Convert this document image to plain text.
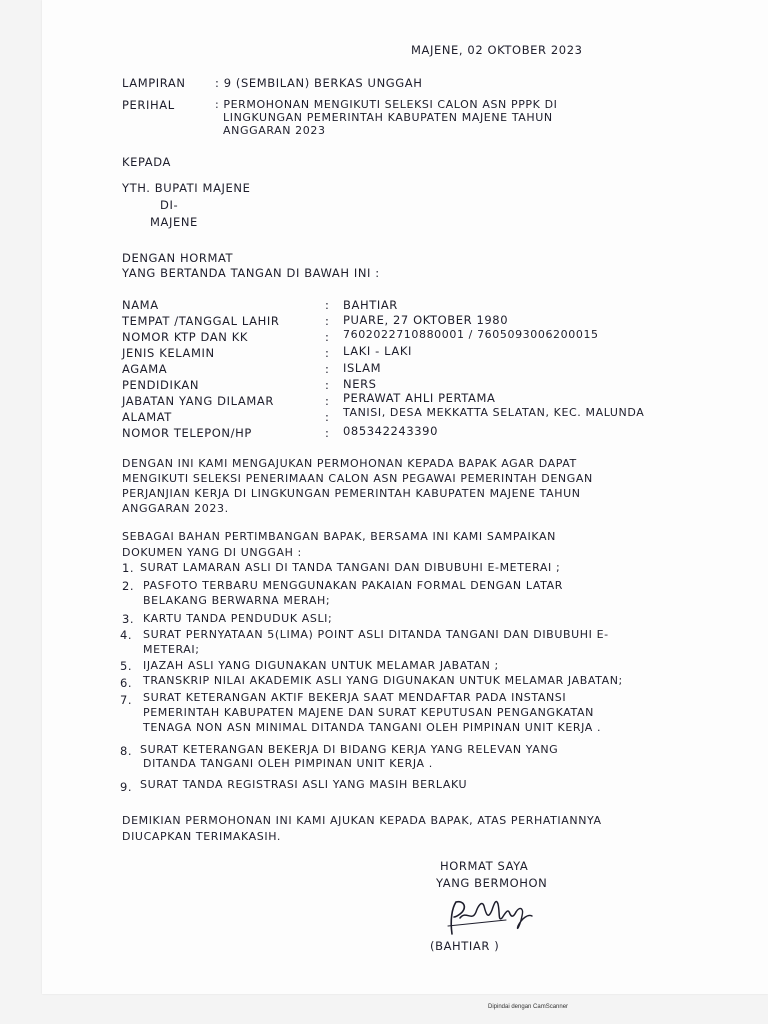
MAJENE, 02 OKTOBER 2023
LAMPIRAN	: 9 (SEMBILAN) BERKAS UNGGAH
PERIHAL	: PERMOHONAN MENGIKUTI SELEKSI CALON ASN PPPK DI
LINGKUNGAN PEMERINTAH KABUPATEN MAJENE TAHUN
ANGGARAN 2023
KEPADA
YTH. BUPATI MAJENE
DI-
MAJENE
DENGAN HORMAT
YANG BERTANDA TANGAN DI BAWAH INI :
NAMA	: BAHTIAR
TEMPAT /TANGGAL LAHIR	: PUARE, 27 OKTOBER 1980
NOMOR KTP DAN KK	: 7602022710880001 / 7605093006200015
JENIS KELAMIN	: LAKI - LAKI
AGAMA	: ISLAM
PENDIDIKAN	: NERS
JABATAN YANG DILAMAR	: PERAWAT AHLI PERTAMA
ALAMAT	: TANISI, DESA MEKKATTA SELATAN, KEC. MALUNDA
NOMOR TELEPON/HP	: 085342243390
DENGAN INI KAMI MENGAJUKAN PERMOHONAN KEPADA BAPAK AGAR DAPAT
MENGIKUTI SELEKSI PENERIMAAN CALON ASN PEGAWAI PEMERINTAH DENGAN
PERJANJIAN KERJA DI LINGKUNGAN PEMERINTAH KABUPATEN MAJENE TAHUN
ANGGARAN 2023.
SEBAGAI BAHAN PERTIMBANGAN BAPAK, BERSAMA INI KAMI SAMPAIKAN
DOKUMEN YANG DI UNGGAH :
1. SURAT LAMARAN ASLI DI TANDA TANGANI DAN DIBUBUHI E-METERAI ;
2. PASFOTO TERBARU MENGGUNAKAN PAKAIAN FORMAL DENGAN LATAR
BELAKANG BERWARNA MERAH;
3. KARTU TANDA PENDUDUK ASLI;
4. SURAT PERNYATAAN 5(LIMA) POINT ASLI DITANDA TANGANI DAN DIBUBUHI E-
METERAI;
5. IJAZAH ASLI YANG DIGUNAKAN UNTUK MELAMAR JABATAN ;
6. TRANSKRIP NILAI AKADEMIK ASLI YANG DIGUNAKAN UNTUK MELAMAR JABATAN;
7. SURAT KETERANGAN AKTIF BEKERJA SAAT MENDAFTAR PADA INSTANSI
PEMERINTAH KABUPATEN MAJENE DAN SURAT KEPUTUSAN PENGANGKATAN
TENAGA NON ASN MINIMAL DITANDA TANGANI OLEH PIMPINAN UNIT KERJA .
8. SURAT KETERANGAN BEKERJA DI BIDANG KERJA YANG RELEVAN YANG
DITANDA TANGANI OLEH PIMPINAN UNIT KERJA .
9. SURAT TANDA REGISTRASI ASLI YANG MASIH BERLAKU
DEMIKIAN PERMOHONAN INI KAMI AJUKAN KEPADA BAPAK, ATAS PERHATIANNYA
DIUCAPKAN TERIMAKASIH.
HORMAT SAYA
YANG BERMOHON
(BAHTIAR )
Dipindai dengan CamScanner
